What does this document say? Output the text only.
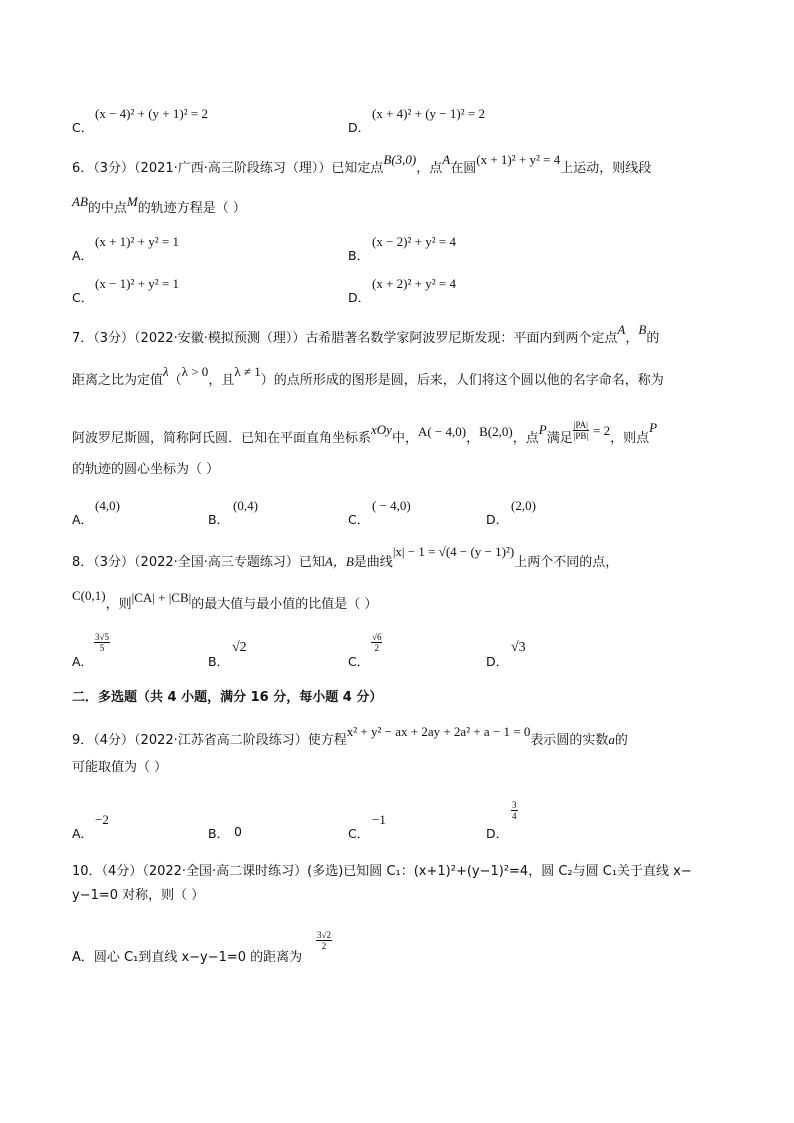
(x − 4)² + (y + 1)² = 2
C．
(x + 4)² + (y − 1)² = 2
D．
6．（3分）（2021·广西·高三阶段练习（理））已知定点B(3,0)，点A在圆(x + 1)² + y² = 4上运动，则线段
AB的中点M的轨迹方程是（ ）
(x + 1)² + y² = 1
A．
(x − 2)² + y² = 4
B．
(x − 1)² + y² = 1
C．
(x + 2)² + y² = 4
D．
7．（3分）（2022·安徽·模拟预测（理））古希腊著名数学家阿波罗尼斯发现：平面内到两个定点A，B的
距离之比为定值λ（λ > 0，且λ ≠ 1）的点所形成的图形是圆，后来，人们将这个圆以他的名字命名，称为
阿波罗尼斯圆，简称阿氏圆．已知在平面直角坐标系xOy中，A( − 4,0)，B(2,0)，点P满足 $\frac{|PA|}{|PB|} = 2$
，则点P
的轨迹的圆心坐标为（ ）
(4,0)
A．
(0,4)
B．
( − 4,0)
C．
(2,0)
D．
8．（3分）（2022·全国·高三专题练习）已知A，B是曲线|x| − 1 = √(4 − (y − 1)²)上两个不同的点，
C(0,1)，则|CA| + |CB|的最大值与最小值的比值是（ ）
$\frac{3√5}{5}$
A．
√2
B．
$\frac{√6}{2}$
C．
√3
D．
二．多选题（共 4 小题，满分 16 分，每小题 4 分）
9．（4分）（2022·江苏省高二阶段练习）使方程x² + y² − ax + 2ay + 2a² + a − 1 = 0表示圆的实数a的
可能取值为（ ）
−2
A．	B． 0
−1
C．
$\frac{3}{4}$
D．
10．（4分）（2022·全国·高二课时练习）(多选)已知圆 C₁：(x+1)²+(y−1)²=4，圆 C₂与圆 C₁关于直线 x−
y−1=0 对称，则（ ）
A．圆心 C₁到直线 x−y−1=0 的距离为
$\frac{3√2}{2}$
